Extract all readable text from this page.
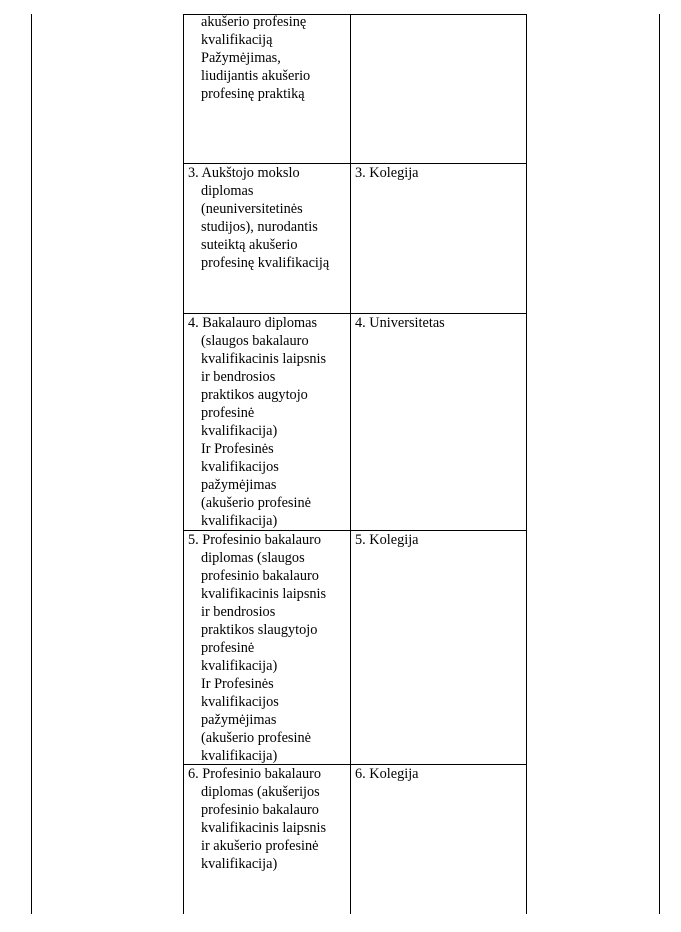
akušerio profesinę
kvalifikaciją
Pažymėjimas,
liudijantis akušerio
profesinę praktiką
3. Aukštojo mokslo
diplomas
(neuniversitetinės
studijos), nurodantis
suteiktą akušerio
profesinę kvalifikaciją
3. Kolegija
4. Bakalauro diplomas
(slaugos bakalauro
kvalifikacinis laipsnis
ir bendrosios
praktikos augytojo
profesinė
kvalifikacija)
Ir Profesinės
kvalifikacijos
pažymėjimas
(akušerio profesinė
kvalifikacija)
4. Universitetas
5. Profesinio bakalauro
diplomas (slaugos
profesinio bakalauro
kvalifikacinis laipsnis
ir bendrosios
praktikos slaugytojo
profesinė
kvalifikacija)
Ir Profesinės
kvalifikacijos
pažymėjimas
(akušerio profesinė
kvalifikacija)
5. Kolegija
6. Profesinio bakalauro
diplomas (akušerijos
profesinio bakalauro
kvalifikacinis laipsnis
ir akušerio profesinė
kvalifikacija)
6. Kolegija
